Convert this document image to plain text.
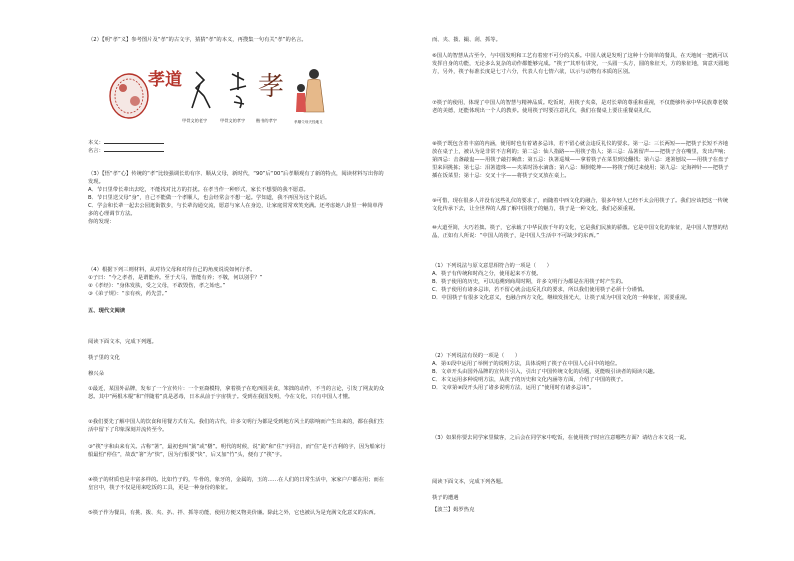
（2）【明“孝”义】参考图片及“孝”的古文字，猜猜“孝”的本义，再搜集一句有关“孝”的名言。

孝道
甲骨文的老字	甲骨文的孝字
孝
楷书的孝字	孝顺父母天经地义

本义：

名言：

（3）【悟“孝”心】传统的“孝”比较强调长幼有序、顺从父母，新时代，“90”后“00”后孝顺观有了新的特点，阅读材料写出你的发现。
A．节日里带长辈出去吃，不能找对比方的打扰。在孝当作一种形式，家长不想要的我不愿意。
B．节日里送父母“身”，自己不能做一个孝顺人，也会经常会不想一起。学知道，我不再因为这个说话。
C．学会和长辈一起去公园逛街散步，与长辈沟通交流，愿意与家人在身边，让家庭常常欢笑充满。还考虑她八卦里一种简单得多的心理调节方法。
你的发现：

（4）根据下列三则材料，从对待父母和对待自己的角度说说如何行孝。
①子曰：“今之孝者，是谓能养。至于犬马，皆能有养；不敬，何以别乎？”
②《孝经》：“身体发肤，受之父母，不敢毁伤，孝之始也。”
③《弟子规》：“亲有疾，药先尝。”

五、现代文阅读

阅读下面文本，完成下列题。

筷子里的文化

穆兴朵

①最近，某国外品牌，发布了一个宣传片：一个亚裔模特，拿着筷子在吃西国美食，笨拙的动作，不当的言论，引发了网友的众怒。其中“两根木棍”和“伴随着”真是恶毒，日本从前于宇宙筷子。受到在我国发明，今在文化，只有中国人才懂。

②我们要先了解中国人的饮食和用餐方式有关。我们的古代，许多文明行为都是受到地方风土的影响而产生出来的，都在我们生活中留下了印象深刻并流传至今。

③“筷”字和由来有关。古称“箸”，最初也叫“筯”或“櫡”。明代的时候，说“筯”和“住”字同音，而“住”是不吉利的字，因为船家行船最怕“停住”，故改“箸”为“快”，因为行船要“快”，后又加“竹”头，便有了“筷”字。

④筷子的材质也是丰富多样的。比如竹子的，牛骨的，象牙的，金属的，玉的……在人们的日常生活中，家家户户都在用；而在皇宫中，筷子不仅是用来吃饭的工具，更是一种身份的象征。

⑤筷子作为餐具，有挑、拨、夹、扒、拌、抓等功能，使用方便又物美价廉。除此之外，它也被认为是充满文化意义的东西。

而、夹、拨、撮、刮、抓等。

⑥国人的智慧从古至今，与中国发明和工艺有着密不可分的关系。中国人就是发明了这种十分简单的餐具，在天地间一把就可以发挥自身的功能，无论多么复杂的动作都能够完成。“筷子”其形有讲究，一头圆一头方，圆的象征天，方的象征地，寓意天圆地方，另外，筷子标准长度是七寸六分，代表人有七情六欲，以示与动物有本质的区别。

⑦筷子的使用，体现了中国人的智慧与精神品质。吃饭时，用筷子夹菜，是对长辈的尊重和重视，不仅能够传承中华民族尊老敬老的美德，还能体现出一个人的教养。使用筷子时要注意礼仪，我们在餐桌上要注重餐桌礼仪。

⑧筷子既包含着丰富的内涵，使用时也有着诸多忌讳，若不留心就会违反礼仪的要求。第一忌：三长两短——把筷子长短不齐地放在桌子上，被认为是非常不吉利的；第二忌：仙人指路——用筷子指人；第三忌：品箸留声——把筷子含在嘴里，发出声响；第四忌：击盏敲盅——用筷子敲打碗盘；第五忌：执箸巡城——拿着筷子在菜里到处翻找；第六忌：迷箸刨坟——用筷子在盘子里来回挑拣；第七忌：泪箸遗珠——夹菜时汤水滴落；第八忌：颠倒乾坤——将筷子倒过来使用；第九忌：定海神针——把筷子插在饭菜里；第十忌：交叉十字——将筷子交叉放在桌上。

⑨可惜，现在很多人并没有这些礼仪的要求了，而随着中西文化的融合，很多年轻人已经不太会用筷子了。我们应该把这一传统文化传承下去，让全世界的人都了解中国筷子的魅力，筷子是一种文化，我们必须重视。

⑩大道至简，大巧若拙。筷子，它承载了中华民族千年的文化，它是我们民族的骄傲。它是中国文化的象征，是中国人智慧的结晶，正如有人所说：“中国人的筷子，是中国人生活中不可缺少的东西。”

（1）下列说法与原文意思相符合的一项是（　　）
A．筷子有传统和时尚之分，使用起来不方便。
B．筷子使用的历史，可以追溯到商周时期，许多文明行为都是在用筷子时产生的。
C．筷子使用有诸多忌讳，若不留心就会违反礼仪的要求，所以我们使用筷子必须十分谨慎。
D．中国筷子有很多文化意义，也融合西方文化，继续发扬光大，让筷子成为中国文化的一种象征，需要重视。

（2）下列说法有误的一项是（　　）
A．第①段中运用了举例子的说明方法，具体说明了筷子在中国人心目中的地位。
B．文章开头由国外品牌的宣传片引入，引出了中国传统文化的话题，更能吸引读者的阅读兴趣。
C．本文运用多种说明方法，从筷子的历史和文化内涵等方面，介绍了中国的筷子。
D．文章第⑧段开头用了诸多说明方法，运用了“使用时有诸多忌讳”。

（3）如果你要去同学家里做客，之后会在同学家中吃饭，在使用筷子时应注意哪些方面？请结合本文说一说。

阅读下面文本，完成下列各题。

筷子的遭遇

【波兰】姆罗热克
